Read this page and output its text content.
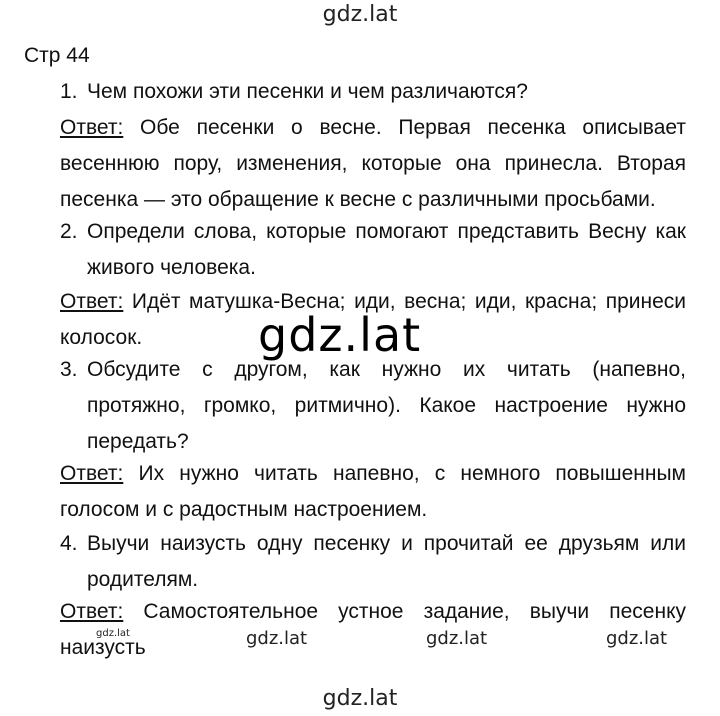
gdz.lat
Стр 44
1. Чем похожи эти песенки и чем различаются?
Ответ: Обе песенки о весне. Первая песенка описывает
весеннюю пору, изменения, которые она принесла. Вторая
песенка — это обращение к весне с различными просьбами.
2. Определи слова, которые помогают представить Весну как
живого человека.
Ответ: Идёт матушка-Весна; иди, весна; иди, красна; принеси
колосок.	gdz.lat
3. Обсудите с другом, как нужно их читать (напевно,
протяжно, громко, ритмично). Какое настроение нужно
передать?
Ответ: Их нужно читать напевно, с немного повышенным
голосом и с радостным настроением.
4. Выучи наизусть одну песенку и прочитай ее друзьям или
родителям.
Ответ: Самостоятельное устное задание, выучи песенку
наизусть
gdz.lat	gdz.lat	gdz.lat	gdz.lat
gdz.lat
